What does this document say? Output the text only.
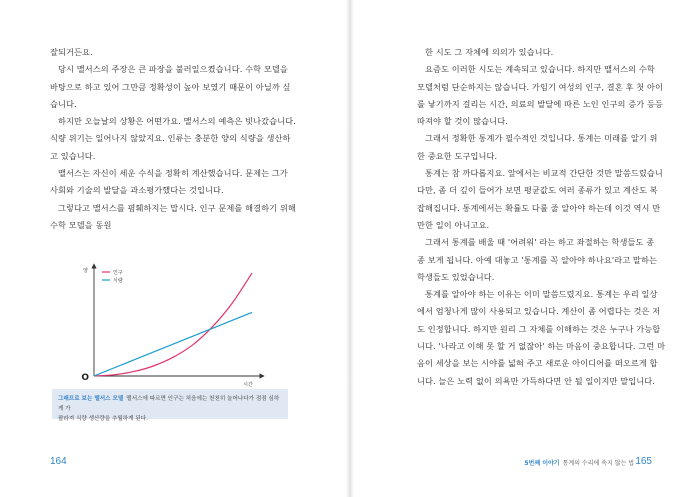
잘되거든요.
당시 맬서스의 주장은 큰 파장을 불러일으켰습니다. 수학 모델을
바탕으로 하고 있어 그만큼 정확성이 높아 보였기 때문이 아닐까 싶
습니다.
하지만 오늘날의 상황은 어떤가요. 맬서스의 예측은 빗나갔습니다.
식량 위기는 일어나지 않았지요. 인류는 충분한 양의 식량을 생산하
고 있습니다.
맬서스는 자신이 세운 수식을 정확히 계산했습니다. 문제는 그가
사회와 기술의 발달을 과소평가했다는 것입니다.
그렇다고 맬서스를 폄훼하지는 맙시다. 인구 문제를 해결하기 위해
수학 모델을 동원
양
시간
O
인구
식량
그래프로 보는 맬서스 모델 맬서스에 따르면 인구는 처음에는 천천히 늘어나다가 점점 심하게 가
팔라져 식량 생산량을 추월하게 된다.
164
한 시도 그 자체에 의의가 있습니다.
요즘도 이러한 시도는 계속되고 있습니다. 하지만 맬서스의 수학
모델처럼 단순하지는 않습니다. 가임기 여성의 인구, 결혼 후 첫 아이
를 낳기까지 걸리는 시간, 의료의 발달에 따른 노인 인구의 증가 등등
따져야 할 것이 많습니다.
그래서 정확한 통계가 필수적인 것입니다. 통계는 미래를 알기 위
한 중요한 도구입니다.
통계는 참 까다롭지요. 앞에서는 비교적 간단한 것만 말씀드렸습니
다만, 좀 더 깊이 들어가 보면 평균값도 여러 종류가 있고 계산도 복
잡해집니다. 통계에서는 확률도 다룰 줄 알아야 하는데 이것 역시 만
만한 일이 아니고요.
그래서 통계를 배울 때 '어려워' 라는 하고 좌절하는 학생들도 종
종 보게 됩니다. 아예 대놓고 '통계를 꼭 알아야 하나요'라고 말하는
학생들도 있었습니다.
통계를 알아야 하는 이유는 이미 말씀드렸지요. 통계는 우리 일상
에서 엄청나게 많이 사용되고 있습니다. 계산이 좀 어렵다는 것은 저
도 인정합니다. 하지만 원리 그 자체를 이해하는 것은 누구나 가능합
니다. '나라고 이해 못 할 거 없잖아' 하는 마음이 중요합니다. 그런 마
음이 세상을 보는 시야를 넓혀 주고 새로운 아이디어를 떠오르게 합
니다. 늘은 노력 없이 의욕만 가득하다면 안 될 일이지만 말입니다.
5번째 이야기 통계의 수리에 속지 않는 법 165
